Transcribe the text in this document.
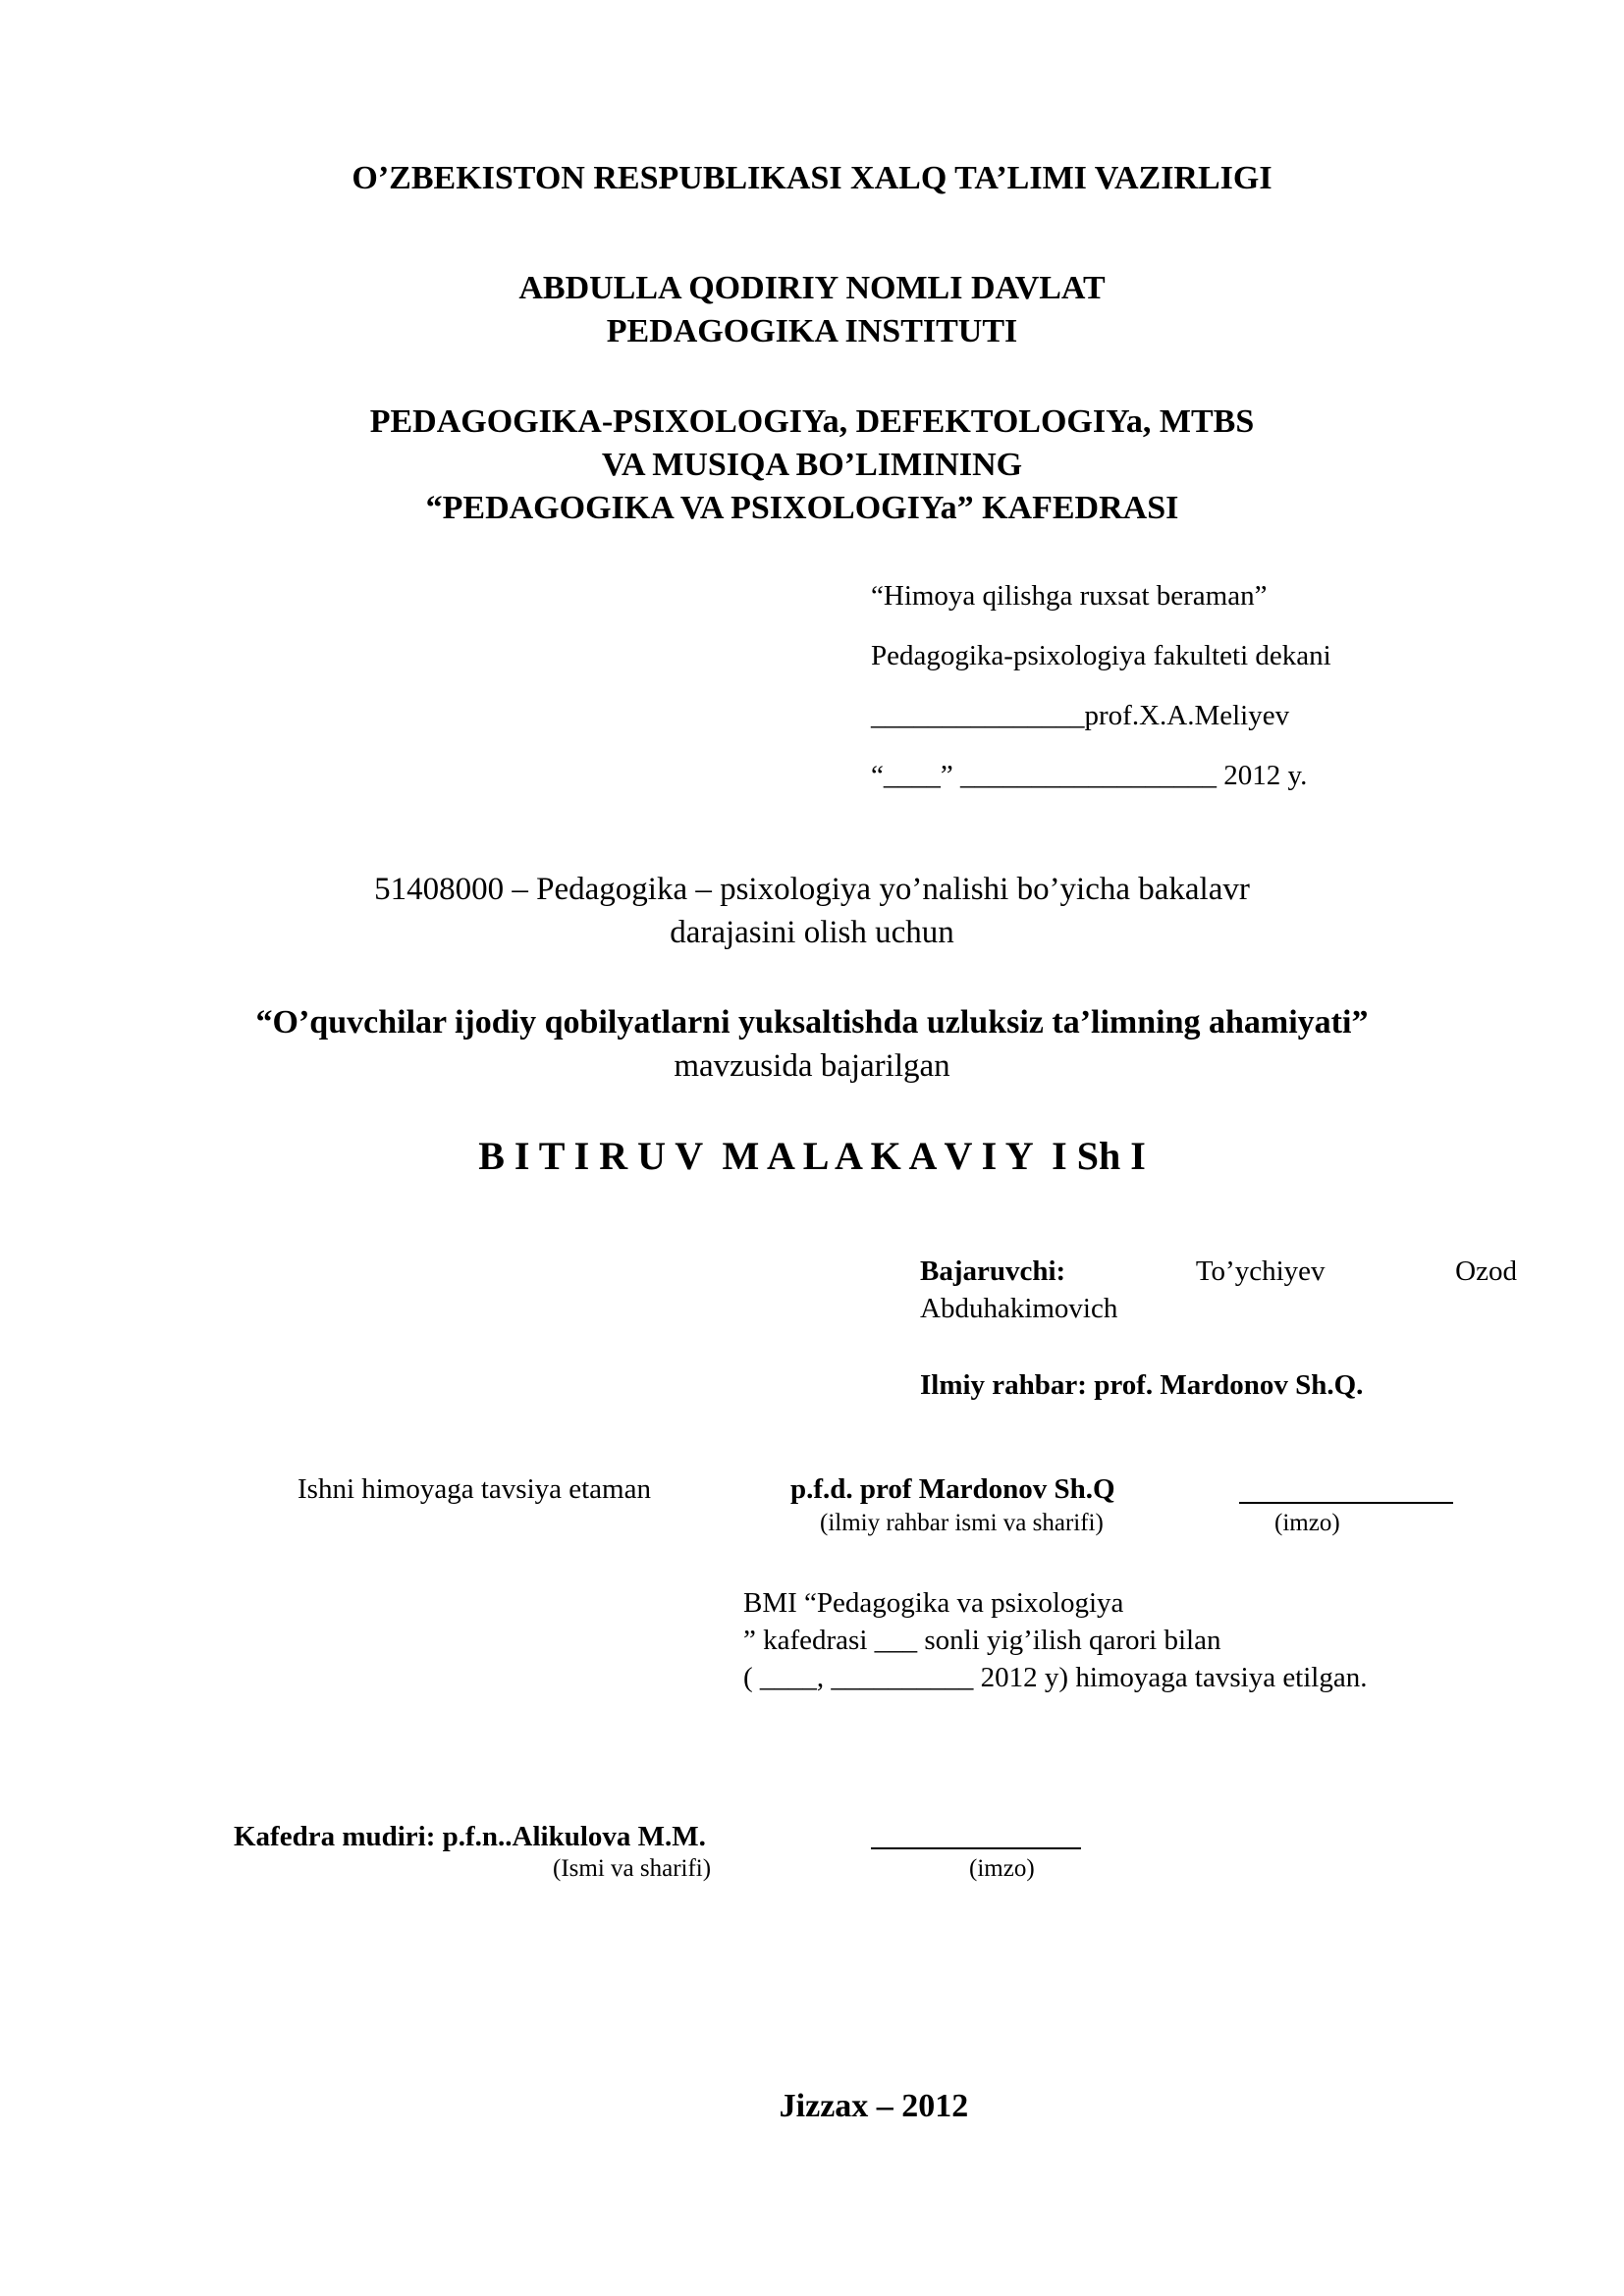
O’ZBEKISTON RESPUBLIKASI XALQ TA’LIMI VAZIRLIGI
ABDULLA QODIRIY NOMLI DAVLAT
PEDAGOGIKA INSTITUTI
PEDAGOGIKA-PSIXOLOGIYa, DEFEKTOLOGIYa, MTBS
VA MUSIQA BO’LIMINING
“PEDAGOGIKA VA PSIXOLOGIYa” KAFEDRASI
“Himoya qilishga ruxsat beraman”
Pedagogika-psixologiya fakulteti dekani
_______________prof.X.A.Meliyev
“____” __________________ 2012 y.
51408000 – Pedagogika – psixologiya yo’nalishi bo’yicha bakalavr
darajasini olish uchun
“O’quvchilar ijodiy qobilyatlarni yuksaltishda uzluksiz ta’limning ahamiyati”
mavzusida bajarilgan
B I T I R U V  M A L A K A V I Y  I Sh I
Bajaruvchi:	To’ychiyev	Ozod
Abduhakimovich
Ilmiy rahbar: prof. Mardonov Sh.Q.
Ishni himoyaga tavsiya etaman	p.f.d. prof Mardonov Sh.Q
(ilmiy rahbar ismi va sharifi)	(imzo)
BMI “Pedagogika va psixologiya
” kafedrasi ___ sonli yig’ilish qarori bilan
( ____, __________ 2012 y) himoyaga tavsiya etilgan.
Kafedra mudiri: p.f.n..Alikulova M.M.
(Ismi va sharifi)	(imzo)
Jizzax – 2012
